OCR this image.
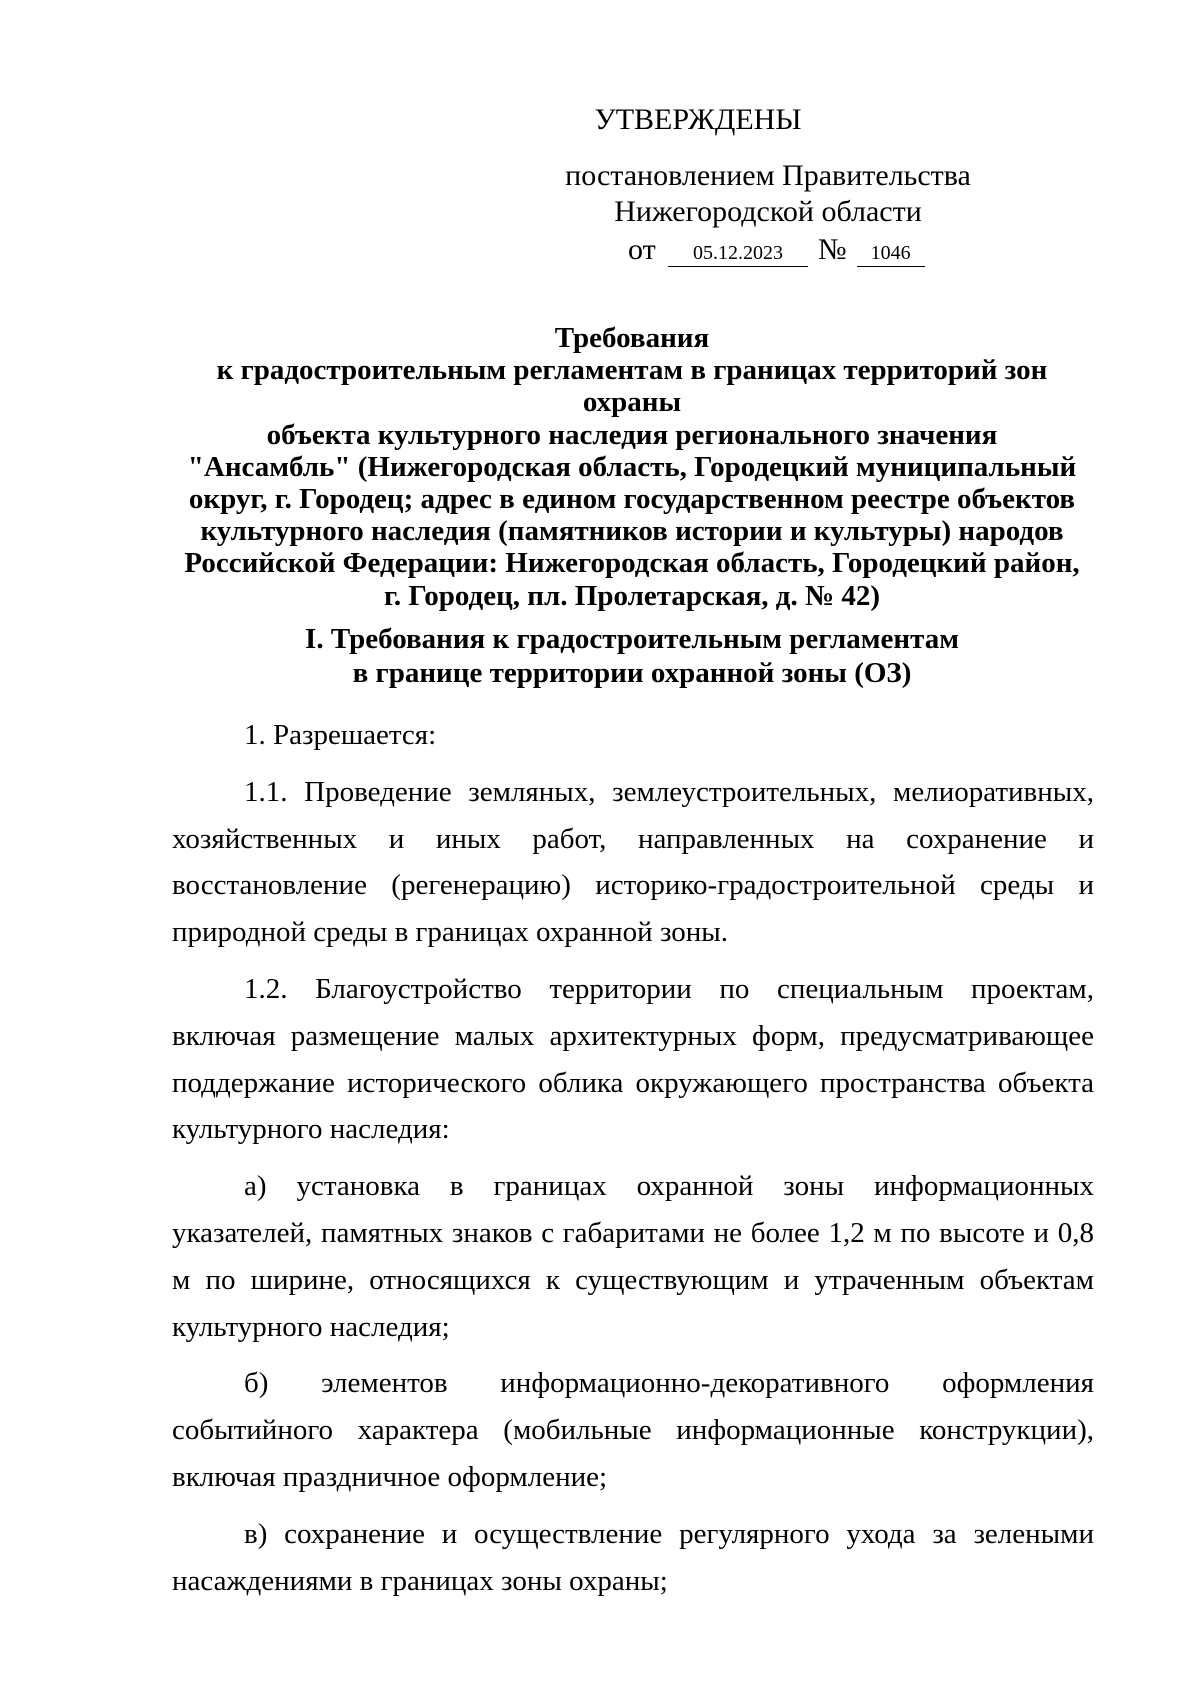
УТВЕРЖДЕНЫ
постановлением Правительства
Нижегородской области
от	05.12.2023	№	1046
Требования
к градостроительным регламентам в границах территорий зон охраны
объекта культурного наследия регионального значения
"Ансамбль" (Нижегородская область, Городецкий муниципальный
округ, г. Городец; адрес в едином государственном реестре объектов
культурного наследия (памятников истории и культуры) народов
Российской Федерации: Нижегородская область, Городецкий район,
г. Городец, пл. Пролетарская, д. № 42)
I. Требования к градостроительным регламентам
в границе территории охранной зоны (ОЗ)

1. Разрешается:

1.1. Проведение земляных, землеустроительных, мелиоративных, хозяйственных и иных работ, направленных на сохранение и восстановление (регенерацию) историко-градостроительной среды и природной среды в границах охранной зоны.

1.2. Благоустройство территории по специальным проектам, включая размещение малых архитектурных форм, предусматривающее поддержание исторического облика окружающего пространства объекта культурного наследия:

а) установка в границах охранной зоны информационных указателей, памятных знаков с габаритами не более 1,2 м по высоте и 0,8 м по ширине, относящихся к существующим и утраченным объектам культурного наследия;

б) элементов информационно-декоративного оформления событийного характера (мобильные информационные конструкции), включая праздничное оформление;

в) сохранение и осуществление регулярного ухода за зелеными насаждениями в границах зоны охраны;
